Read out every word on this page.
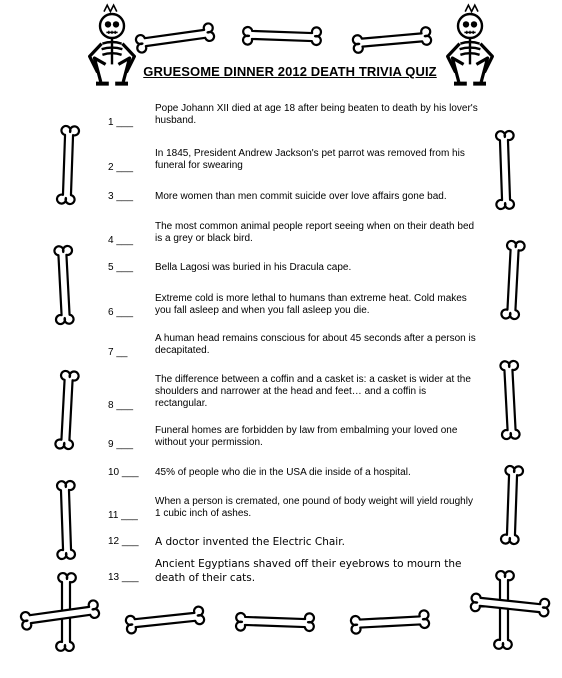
GRUESOME DINNER 2012 DEATH TRIVIA QUIZ
1 ___
Pope Johann XII died at age 18 after being beaten to death by his lover's husband.
2 ___
In 1845, President Andrew Jackson's pet parrot was removed from his funeral for swearing
3 ___	More women than men commit suicide over love affairs gone bad.
4 ___
The most common animal people report seeing when on their death bed is a grey or black bird.
5 ___	Bella Lagosi was buried in his Dracula cape.
6 ___
Extreme cold is more lethal to humans than extreme heat. Cold makes you fall asleep and when you fall asleep you die.
7 __
A human head remains conscious for about 45 seconds after a person is decapitated.
8 ___
The difference between a coffin and a casket is: a casket is wider at the shoulders and narrower at the head and feet… and a coffin is rectangular.
9 ___
Funeral homes are forbidden by law from embalming your loved one without your permission.
10 ___	45% of people who die in the USA die inside of a hospital.
11 ___
When a person is cremated, one pound of body weight will yield roughly 1 cubic inch of ashes.
12 ___	A doctor invented the Electric Chair.
13 ___
Ancient Egyptians shaved off their eyebrows to mourn the death of their cats.
